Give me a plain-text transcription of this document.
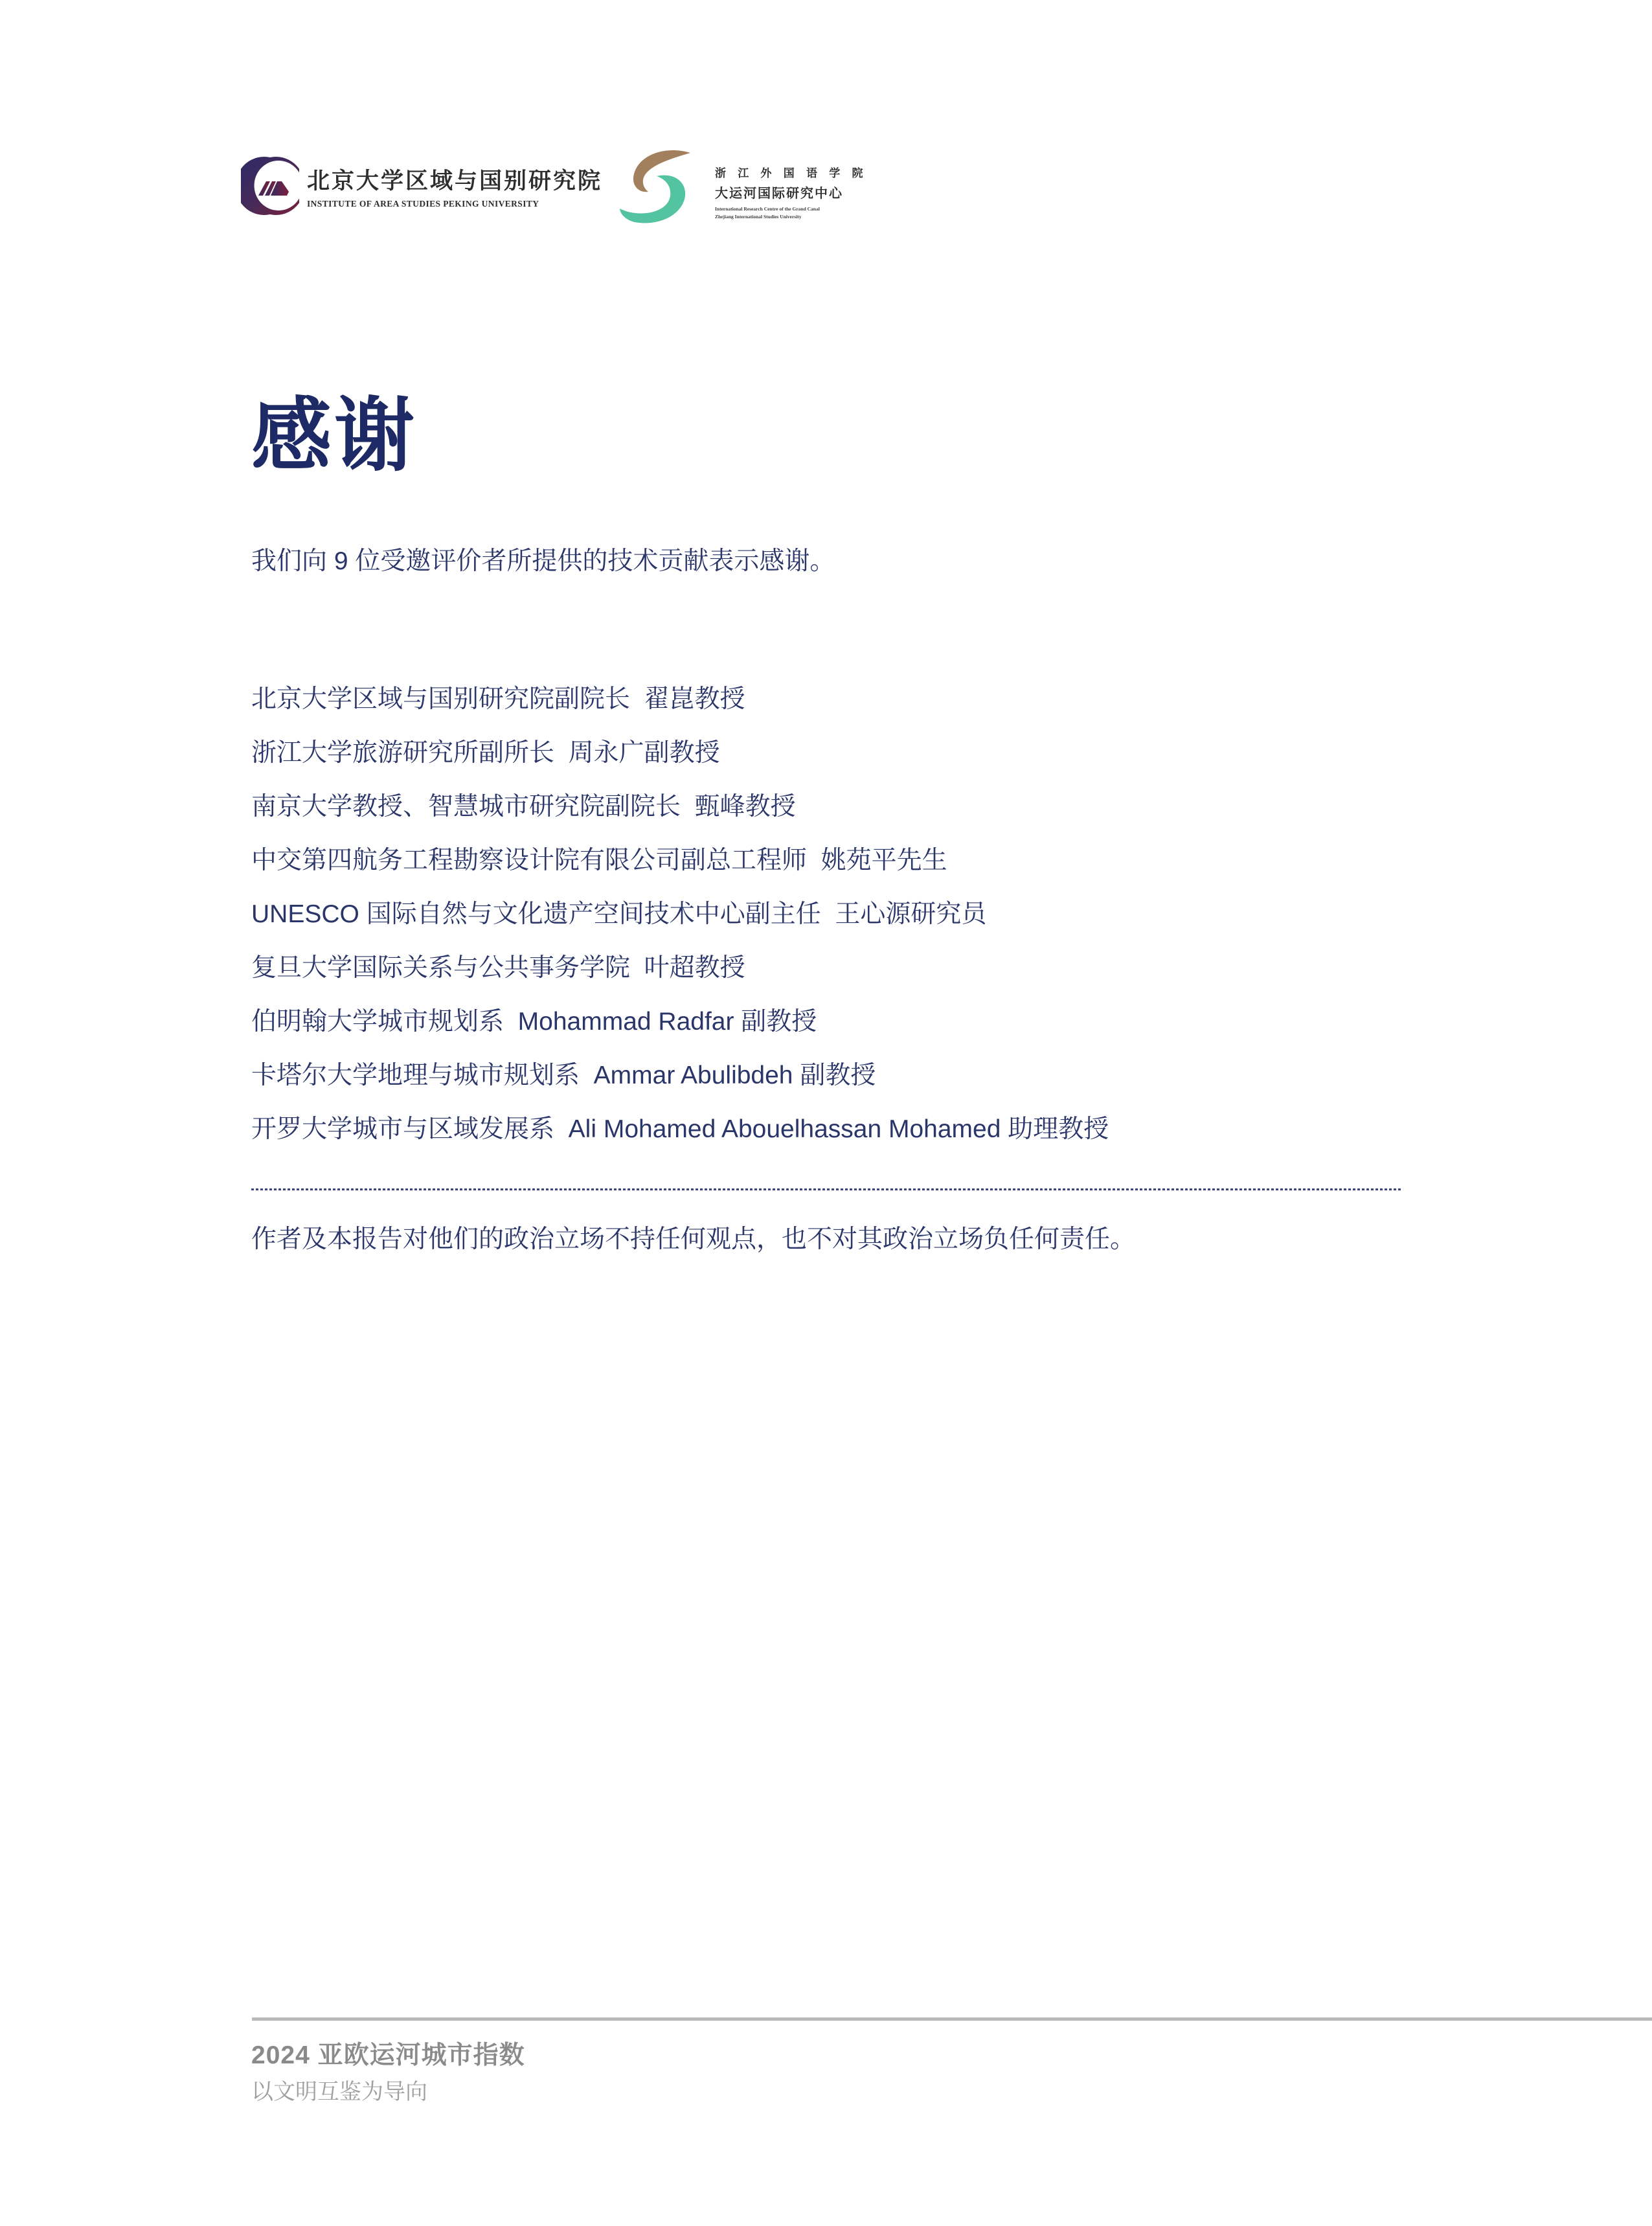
北京大学区域与国别研究院
INSTITUTE OF AREA STUDIES PEKING UNIVERSITY
浙 江 外 国 语 学 院
大运河国际研究中心
International Research Centre of the Grand Canal
Zhejiang International Studies University
感谢

我们向 9 位受邀评价者所提供的技术贡献表示感谢。

北京大学区域与国别研究院副院长  翟崑教授
浙江大学旅游研究所副所长  周永广副教授
南京大学教授、智慧城市研究院副院长  甄峰教授
中交第四航务工程勘察设计院有限公司副总工程师  姚苑平先生
UNESCO 国际自然与文化遗产空间技术中心副主任  王心源研究员
复旦大学国际关系与公共事务学院  叶超教授
伯明翰大学城市规划系  Mohammad Radfar 副教授
卡塔尔大学地理与城市规划系  Ammar Abulibdeh 副教授
开罗大学城市与区域发展系  Ali Mohamed Abouelhassan Mohamed 助理教授

作者及本报告对他们的政治立场不持任何观点，也不对其政治立场负任何责任。

2024 亚欧运河城市指数
以文明互鉴为导向
